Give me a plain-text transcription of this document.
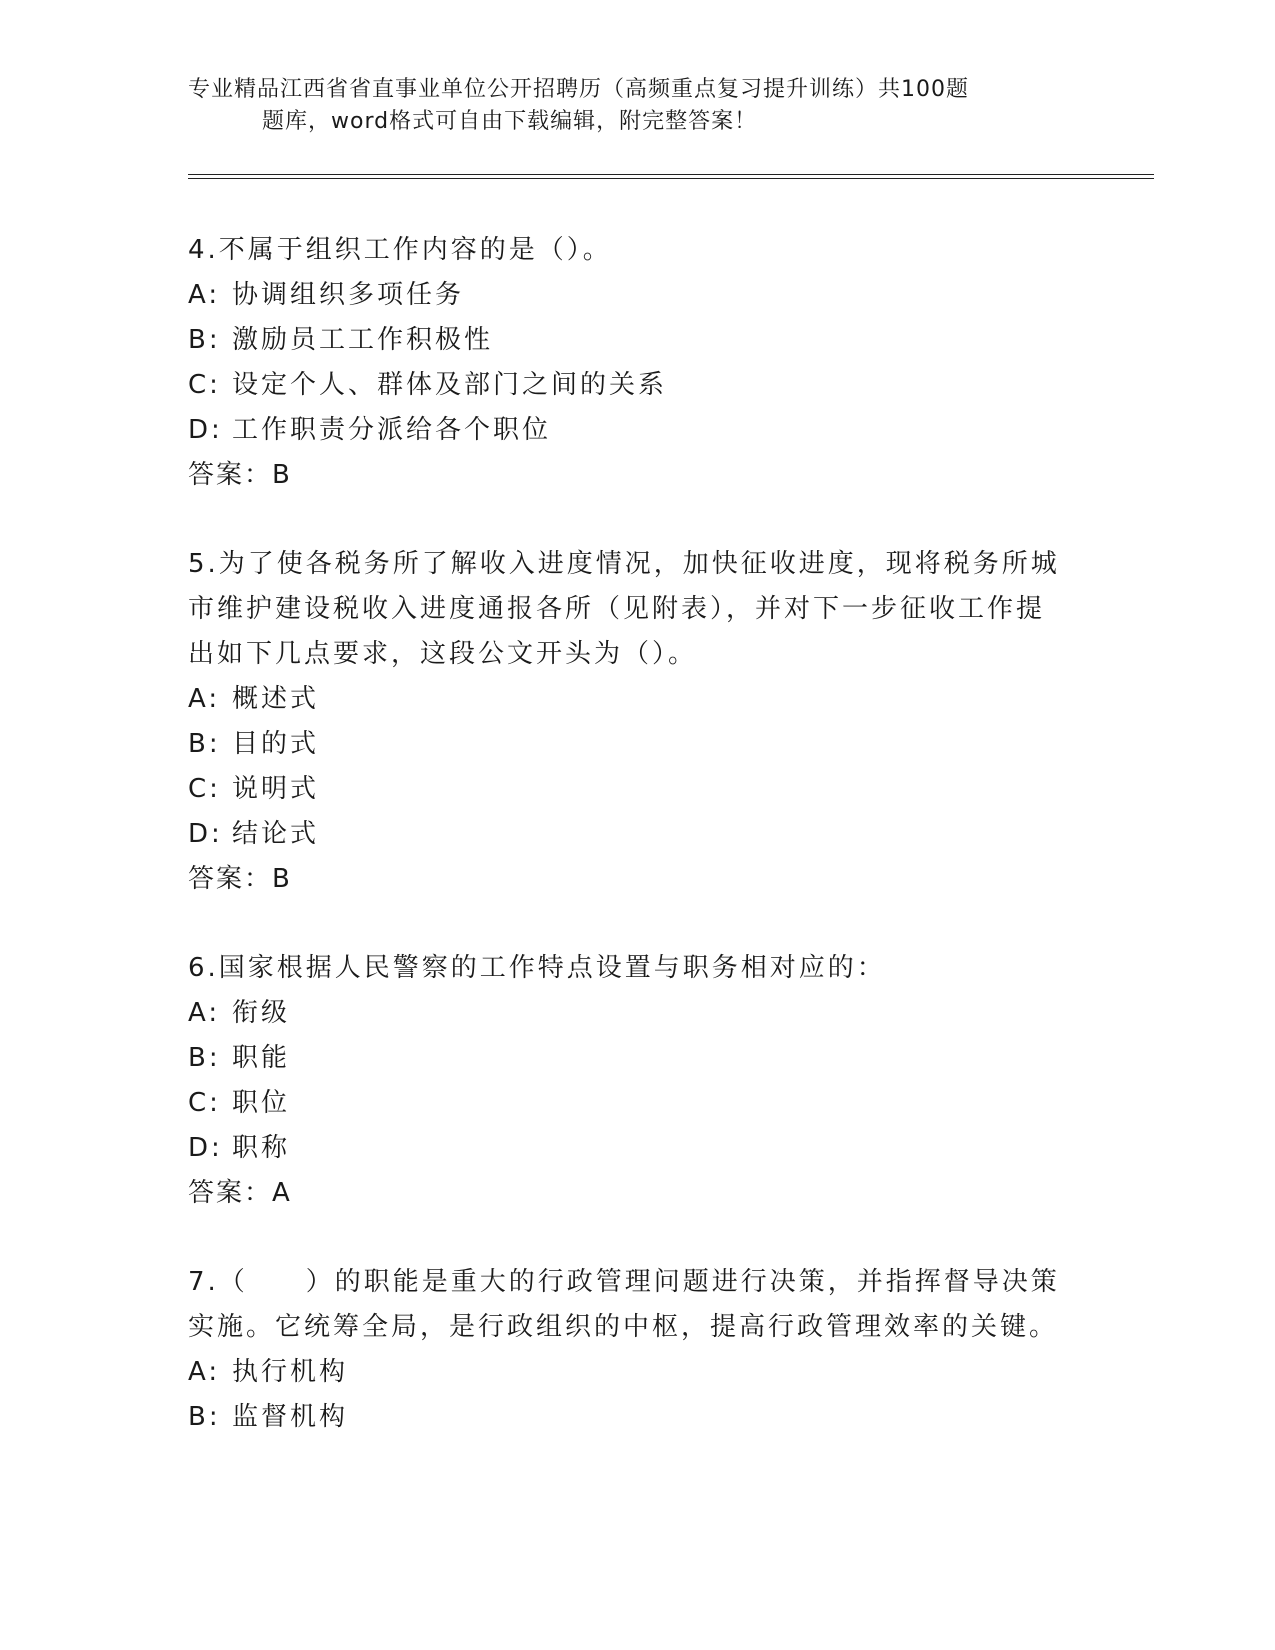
专业精品江西省省直事业单位公开招聘历（高频重点复习提升训练）共100题
题库，word格式可自由下载编辑，附完整答案！

4.不属于组织工作内容的是（）。

A: 协调组织多项任务

B: 激励员工工作积极性

C: 设定个人、群体及部门之间的关系

D: 工作职责分派给各个职位

答案：B

5.为了使各税务所了解收入进度情况，加快征收进度，现将税务所城市维护建设税收入进度通报各所（见附表），并对下一步征收工作提出如下几点要求，这段公文开头为（）。

A: 概述式

B: 目的式

C: 说明式

D: 结论式

答案：B

6.国家根据人民警察的工作特点设置与职务相对应的：

A: 衔级

B: 职能

C: 职位

D: 职称

答案：A

7.（　　）的职能是重大的行政管理问题进行决策，并指挥督导决策实施。它统筹全局，是行政组织的中枢，提高行政管理效率的关键。

A: 执行机构

B: 监督机构
